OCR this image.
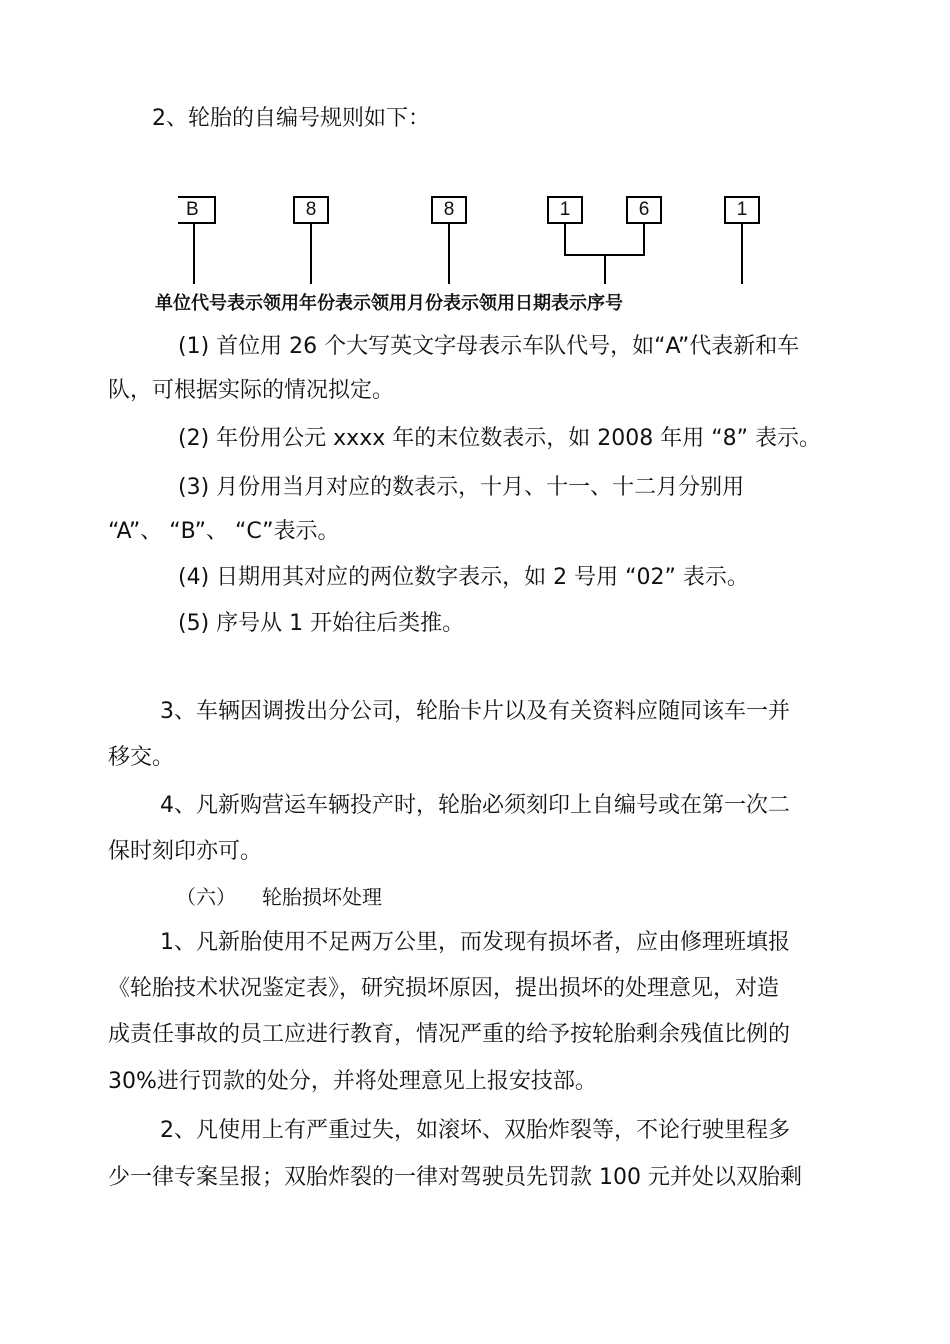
2、轮胎的自编号规则如下：
B	8	8	1	6	1
单位代号表示领用年份表示领用月份表示领用日期表示序号
(1) 首位用 26 个大写英文字母表示车队代号，如“A”代表新和车
队，可根据实际的情况拟定。
(2) 年份用公元 xxxx 年的末位数表示，如 2008 年用 “8” 表示。
(3) 月份用当月对应的数表示，十月、十一、十二月分别用
“A”、 “B”、 “C”表示。
(4) 日期用其对应的两位数字表示，如 2 号用 “02” 表示。
(5) 序号从 1 开始往后类推。
3、车辆因调拨出分公司，轮胎卡片以及有关资料应随同该车一并
移交。
4、凡新购营运车辆投产时，轮胎必须刻印上自编号或在第一次二
保时刻印亦可。
（六） 轮胎损坏处理
1、凡新胎使用不足两万公里，而发现有损坏者，应由修理班填报
《轮胎技术状况鉴定表》，研究损坏原因，提出损坏的处理意见，对造
成责任事故的员工应进行教育，情况严重的给予按轮胎剩余残值比例的
30%进行罚款的处分，并将处理意见上报安技部。
2、凡使用上有严重过失，如滚坏、双胎炸裂等，不论行驶里程多
少一律专案呈报；双胎炸裂的一律对驾驶员先罚款 100 元并处以双胎剩
